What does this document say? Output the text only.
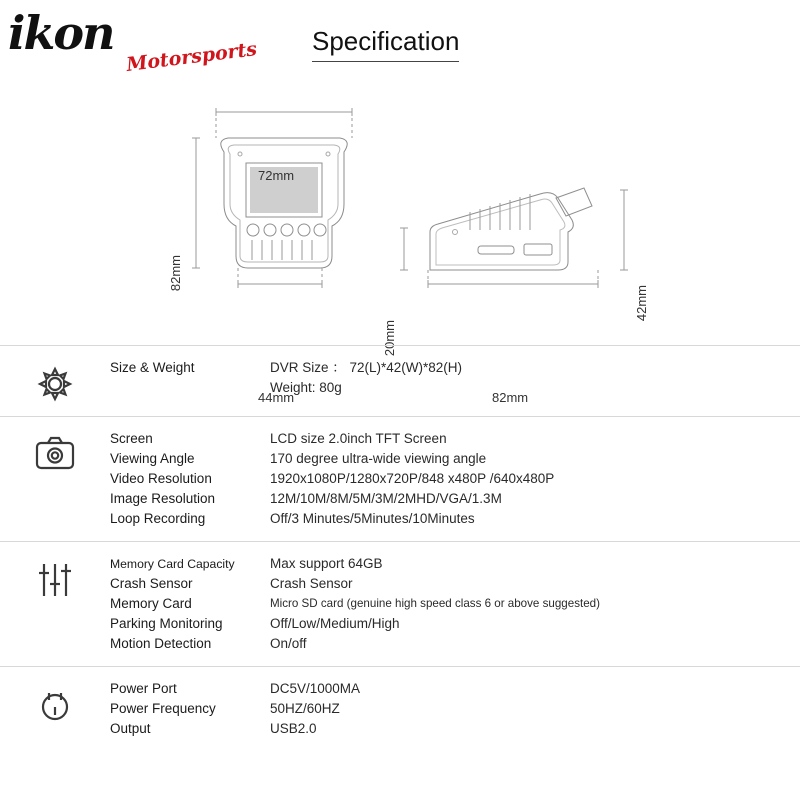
ikon Motorsports Specification
72mm
82mm
44mm
20mm
42mm
82mm
Size & Weight	DVR Size ： 72(L)*42(W)*82(H)
Weight: 80g
Screen
Viewing Angle
Video Resolution
Image Resolution
Loop Recording
LCD size 2.0inch TFT Screen
170 degree ultra-wide viewing angle
1920x1080P/1280x720P/848 x480P /640x480P
12M/10M/8M/5M/3M/2MHD/VGA/1.3M
Off/3 Minutes/5Minutes/10Minutes
Memory Card Capacity
Crash Sensor
Memory Card
Parking Monitoring
Motion Detection
Max support 64GB
Crash Sensor
Micro SD card (genuine high speed class 6 or above suggested)
Off/Low/Medium/High
On/off
Power Port
Power Frequency
Output
DC5V/1000MA
50HZ/60HZ
USB2.0
